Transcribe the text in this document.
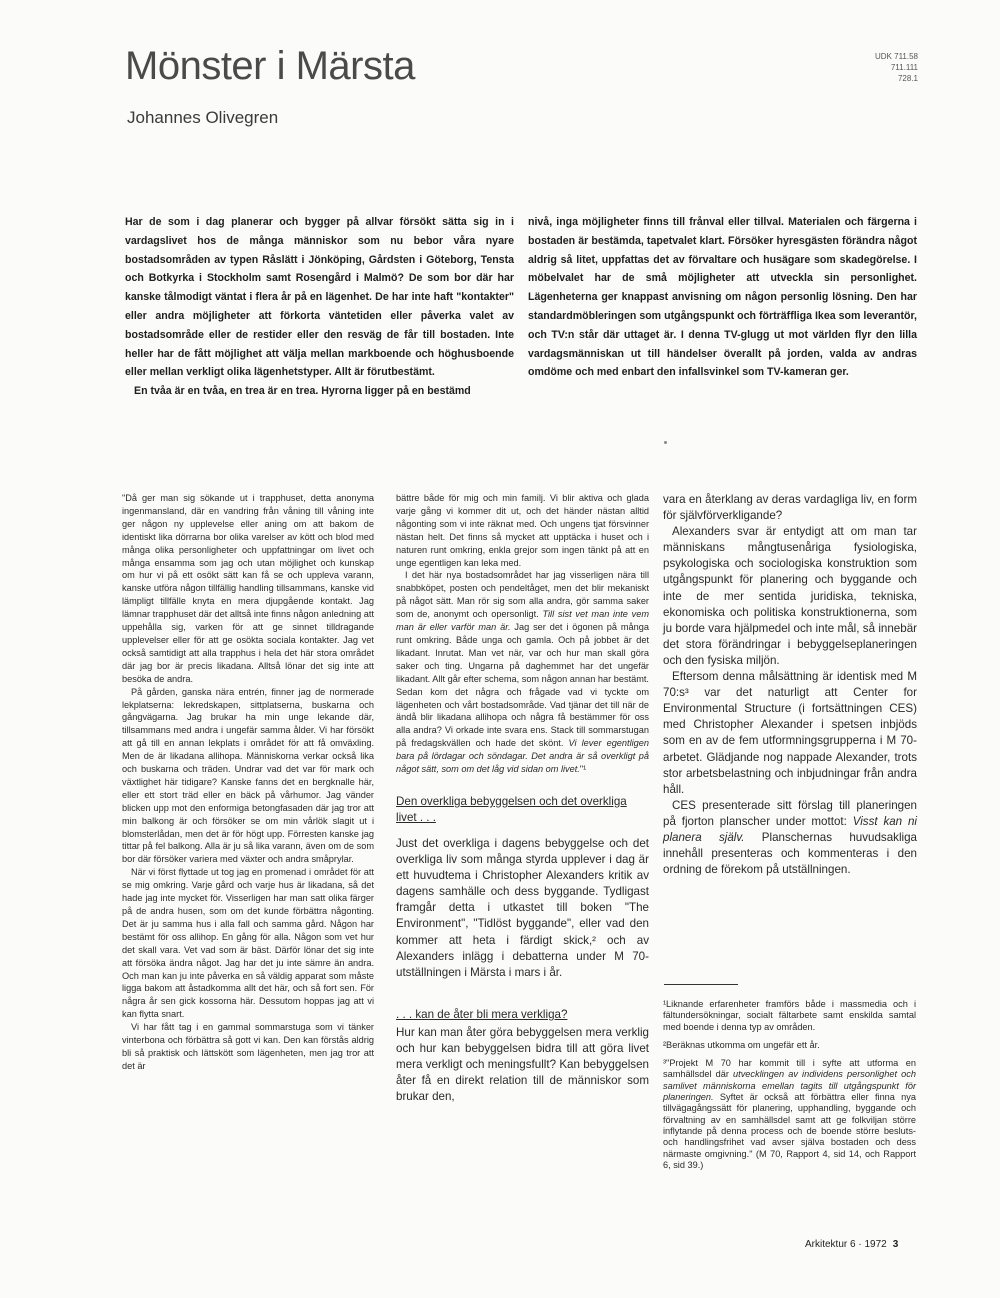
Mönster i Märsta
Johannes Olivegren
UDK 711.58
711.111
728.1

Har de som i dag planerar och bygger på allvar försökt sätta sig in i vardagslivet hos de många människor som nu bebor våra nyare bostadsområden av typen Råslätt i Jönköping, Gårdsten i Göteborg, Tensta och Botkyrka i Stockholm samt Rosengård i Malmö? De som bor där har kanske tålmodigt väntat i flera år på en lägenhet. De har inte haft "kontakter" eller andra möjligheter att förkorta väntetiden eller påverka valet av bostadsområde eller de restider eller den resväg de får till bostaden. Inte heller har de fått möjlighet att välja mellan markboende och höghusboende eller mellan verkligt olika lägenhetstyper. Allt är förutbestämt.

En tvåa är en tvåa, en trea är en trea. Hyrorna ligger på en bestämd

nivå, inga möjligheter finns till frånval eller tillval. Materialen och färgerna i bostaden är bestämda, tapetvalet klart. Försöker hyresgästen förändra något aldrig så litet, uppfattas det av förvaltare och husägare som skadegörelse. I möbelvalet har de små möjligheter att utveckla sin personlighet. Lägenheterna ger knappast anvisning om någon personlig lösning. Den har standardmöbleringen som utgångspunkt och förträffliga Ikea som leverantör, och TV:n står där uttaget är. I denna TV-glugg ut mot världen flyr den lilla vardagsmänniskan ut till händelser överallt på jorden, valda av andras omdöme och med enbart den infallsvinkel som TV-kameran ger.

"Då ger man sig sökande ut i trapphuset, detta anonyma ingenmansland, där en vandring från våning till våning inte ger någon ny upplevelse eller aning om att bakom de identiskt lika dörrarna bor olika varelser av kött och blod med många olika personligheter och uppfattningar om livet och många ensamma som jag och utan möjlighet och kunskap om hur vi på ett osökt sätt kan få se och uppleva varann, kanske utföra någon tillfällig handling tillsammans, kanske vid lämpligt tillfälle knyta en mera djupgående kontakt. Jag lämnar trapphuset där det alltså inte finns någon anledning att uppehålla sig, varken för att ge sinnet tilldragande upplevelser eller för att ge osökta sociala kontakter. Jag vet också samtidigt att alla trapphus i hela det här stora området där jag bor är precis likadana. Alltså lönar det sig inte att besöka de andra.

På gården, ganska nära entrén, finner jag de normerade lekplatserna: lekredskapen, sittplatserna, buskarna och gångvägarna. Jag brukar ha min unge lekande där, tillsammans med andra i ungefär samma ålder. Vi har försökt att gå till en annan lekplats i området för att få omväxling. Men de är likadana allihopa. Människorna verkar också lika och buskarna och träden. Undrar vad det var för mark och växtlighet här tidigare? Kanske fanns det en bergknalle här, eller ett stort träd eller en bäck på vårhumor. Jag vänder blicken upp mot den enformiga betongfasaden där jag tror att min balkong är och försöker se om min vårlök slagit ut i blomsterlådan, men det är för högt upp. Förresten kanske jag tittar på fel balkong. Alla är ju så lika varann, även om de som bor där försöker variera med växter och andra småprylar.

När vi först flyttade ut tog jag en promenad i området för att se mig omkring. Varje gård och varje hus är likadana, så det hade jag inte mycket för. Visserligen har man satt olika färger på de andra husen, som om det kunde förbättra någonting. Det är ju samma hus i alla fall och samma gård. Någon har bestämt för oss allihop. En gång för alla. Någon som vet hur det skall vara. Vet vad som är bäst. Därför lönar det sig inte att försöka ändra något. Jag har det ju inte sämre än andra. Och man kan ju inte påverka en så väldig apparat som måste ligga bakom att åstadkomma allt det här, och så fort sen. För några år sen gick kossorna här. Dessutom hoppas jag att vi kan flytta snart.

Vi har fått tag i en gammal sommarstuga som vi tänker vinterbona och förbättra så gott vi kan. Den kan förstås aldrig bli så praktisk och lättskött som lägenheten, men jag tror att det är

bättre både för mig och min familj. Vi blir aktiva och glada varje gång vi kommer dit ut, och det händer nästan alltid någonting som vi inte räknat med. Och ungens tjat försvinner nästan helt. Det finns så mycket att upptäcka i huset och i naturen runt omkring, enkla grejor som ingen tänkt på att en unge egentligen kan leka med.

I det här nya bostadsområdet har jag visserligen nära till snabbköpet, posten och pendeltåget, men det blir mekaniskt på något sätt. Man rör sig som alla andra, gör samma saker som de, anonymt och opersonligt. Till sist vet man inte vem man är eller varför man är. Jag ser det i ögonen på många runt omkring. Både unga och gamla. Och på jobbet är det likadant. Inrutat. Man vet när, var och hur man skall göra saker och ting. Ungarna på daghemmet har det ungefär likadant. Allt går efter schema, som någon annan har bestämt. Sedan kom det några och frågade vad vi tyckte om lägenheten och vårt bostadsområde. Vad tjänar det till när de ändå blir likadana allihopa och några få bestämmer för oss alla andra? Vi orkade inte svara ens. Stack till sommarstugan på fredagskvällen och hade det skönt. Vi lever egentligen bara på lördagar och söndagar. Det andra är så overkligt på något sätt, som om det låg vid sidan om livet."¹

Den overkliga bebyggelsen och det overkliga livet . . .

Just det overkliga i dagens bebyggelse och det overkliga liv som många styrda upplever i dag är ett huvudtema i Christopher Alexanders kritik av dagens samhälle och dess byggande. Tydligast framgår detta i utkastet till boken "The Environment", "Tidlöst byggande", eller vad den kommer att heta i färdigt skick,² och av Alexanders inlägg i debatterna under M 70-utställningen i Märsta i mars i år.

. . . kan de åter bli mera verkliga?

Hur kan man åter göra bebyggelsen mera verklig och hur kan bebyggelsen bidra till att göra livet mera verkligt och meningsfullt? Kan bebyggelsen åter få en direkt relation till de människor som brukar den,

vara en återklang av deras vardagliga liv, en form för självförverkligande?

Alexanders svar är entydigt att om man tar människans mångtusenåriga fysiologiska, psykologiska och sociologiska konstruktion som utgångspunkt för planering och byggande och inte de mer sentida juridiska, tekniska, ekonomiska och politiska konstruktionerna, som ju borde vara hjälpmedel och inte mål, så innebär det stora förändringar i bebyggelseplaneringen och den fysiska miljön.

Eftersom denna målsättning är identisk med M 70:s³ var det naturligt att Center for Environmental Structure (i fortsättningen CES) med Christopher Alexander i spetsen inbjöds som en av de fem utformningsgrupperna i M 70-arbetet. Glädjande nog nappade Alexander, trots stor arbetsbelastning och inbjudningar från andra håll.

CES presenterade sitt förslag till planeringen på fjorton planscher under mottot: Visst kan ni planera själv. Planschernas huvudsakliga innehåll presenteras och kommenteras i den ordning de förekom på utställningen.

¹Liknande erfarenheter framförs både i massmedia och i fältundersökningar, socialt fältarbete samt enskilda samtal med boende i denna typ av områden.

²Beräknas utkomma om ungefär ett år.

³"Projekt M 70 har kommit till i syfte att utforma en samhällsdel där utvecklingen av individens personlighet och samlivet människorna emellan tagits till utgångspunkt för planeringen. Syftet är också att förbättra eller finna nya tillvägagångssätt för planering, upphandling, byggande och förvaltning av en samhällsdel samt att ge folkviljan större inflytande på denna process och de boende större besluts- och handlingsfrihet vad avser själva bostaden och dess närmaste omgivning." (M 70, Rapport 4, sid 14, och Rapport 6, sid 39.)

Arkitektur 6 · 1972 3
